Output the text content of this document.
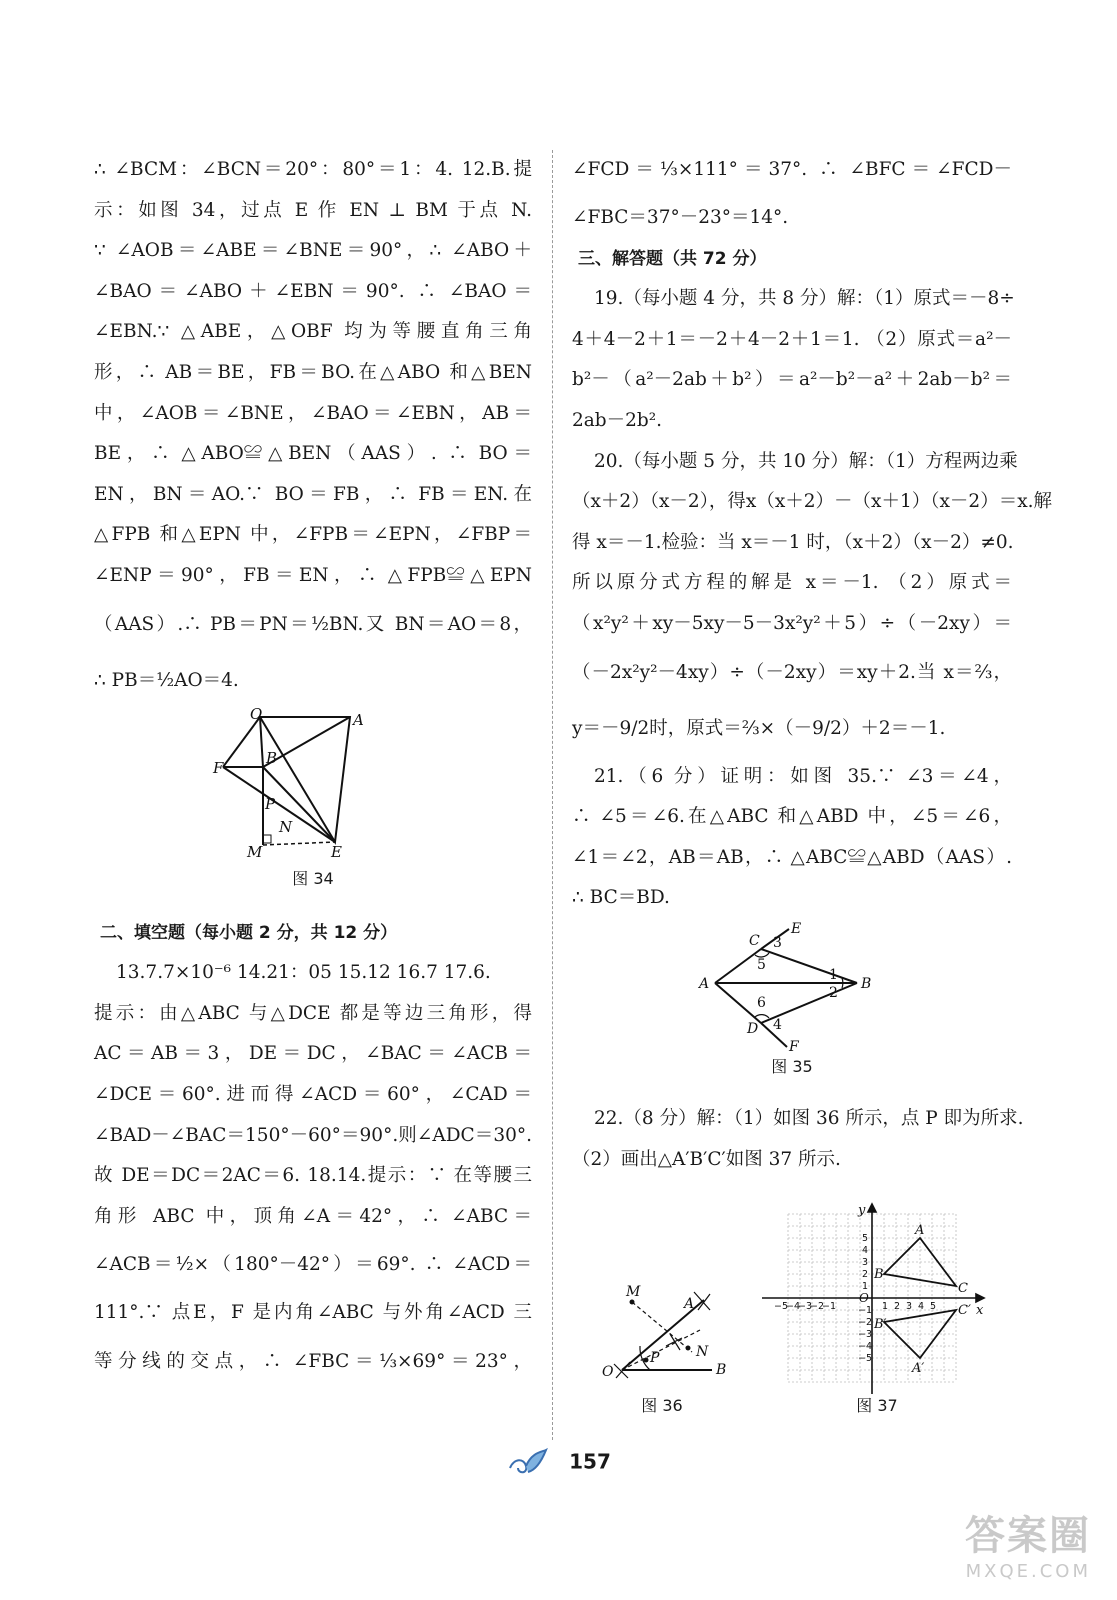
∴ ∠BCM：∠BCN＝20°：80°＝1：4. 12.B.提
示：如图 34，过点 E 作 EN ⊥ BM 于点 N.
∵ ∠AOB＝∠ABE＝∠BNE＝90°，∴ ∠ABO＋
∠BAO＝∠ABO＋∠EBN＝90°. ∴ ∠BAO＝
∠EBN.∵ △ABE，△OBF 均为等腰直角三角
形，∴ AB＝BE，FB＝BO.在△ABO 和△BEN
中，∠AOB＝∠BNE，∠BAO＝∠EBN，AB＝
BE，∴ △ABO≌△BEN（AAS）. ∴ BO＝
EN，BN＝AO.∵ BO＝FB，∴ FB＝EN.在
△FPB 和△EPN 中，∠FPB＝∠EPN，∠FBP＝
∠ENP＝90°，FB＝EN，∴ △FPB≌△EPN
（AAS）.∴ PB＝PN＝½BN.又 BN＝AO＝8，
∴ PB＝½AO＝4.
O	A
B
F
P
N
M	E
图 34
二、填空题（每小题 2 分，共 12 分）
13.7.7×10⁻⁶ 14.21：05 15.12 16.7 17.6.
提示：由△ABC 与△DCE 都是等边三角形，得
AC＝AB＝3，DE＝DC，∠BAC＝∠ACB＝
∠DCE＝60°.进而得∠ACD＝60°，∠CAD＝
∠BAD－∠BAC＝150°－60°＝90°.则∠ADC＝30°.
故 DE＝DC＝2AC＝6. 18.14.提示：∵ 在等腰三
角形 ABC 中，顶角∠A＝42°，∴ ∠ABC＝
∠ACB＝½×（180°－42°）＝69°. ∴ ∠ACD＝
111°.∵ 点E，F 是内角∠ABC 与外角∠ACD 三
等分线的交点，∴ ∠FBC＝⅓×69°＝23°，
∠FCD＝⅓×111°＝37°. ∴ ∠BFC＝∠FCD－
∠FBC＝37°－23°＝14°.
三、解答题（共 72 分）
19.（每小题 4 分，共 8 分）解：（1）原式＝－8÷
4＋4－2＋1＝－2＋4－2＋1＝1. （2）原式＝a²－
b²－（a²－2ab＋b²）＝a²－b²－a²＋2ab－b²＝
2ab－2b².
20.（每小题 5 分，共 10 分）解：（1）方程两边乘
（x＋2）（x－2），得x（x＋2）－（x＋1）（x－2）＝x.解
得 x＝－1.检验：当 x＝－1 时，（x＋2）（x－2）≠0.
所以原分式方程的解是 x＝－1. （2）原式＝
（x²y²＋xy－5xy－5－3x²y²＋5）÷（－2xy）＝
（－2x²y²－4xy）÷（－2xy）＝xy＋2.当 x＝⅔，
y＝－9/2时，原式＝⅔×（－9/2）＋2＝－1.
21.（6 分）证明：如图 35.∵ ∠3＝∠4，
∴ ∠5＝∠6.在△ABC 和△ABD 中，∠5＝∠6，
∠1＝∠2，AB＝AB，∴ △ABC≌△ABD（AAS）.
∴ BC＝BD.
C
E
A	B
D
F
1
2
3
4
5
6
图 35
22.（8 分）解：（1）如图 36 所示，点 P 即为所求.
（2）画出△A′B′C′如图 37 所示.
M
A
N
O
P
B
图 36
−5
−4
−3
−2
−1	1 2 3 4 5
5
4
3
2
1
−1
−2
−3
−4
−5
y
x
O
A
B
C
A′
B′
C′
图 37
157
答案圈
MXQE.COM
